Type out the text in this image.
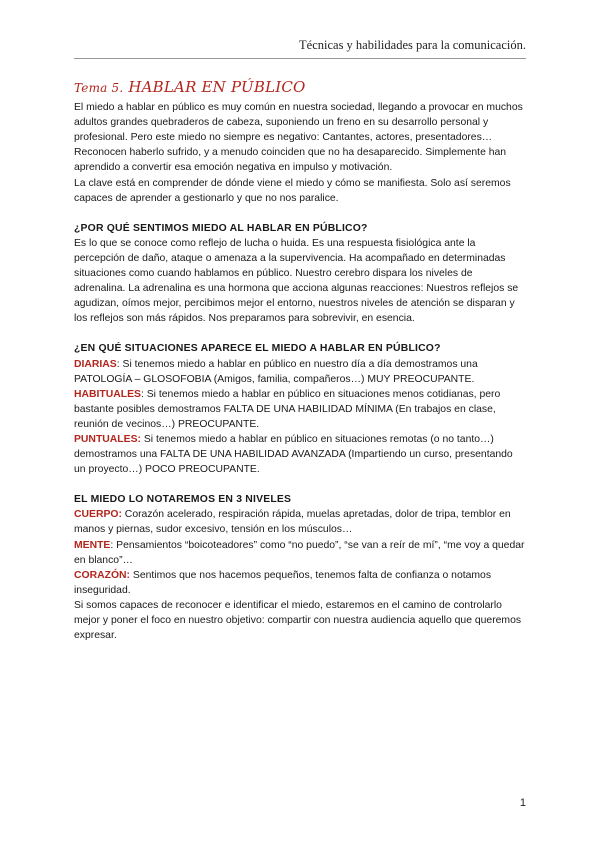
Técnicas y habilidades para la comunicación.
Tema 5. HABLAR EN PÚBLICO

El miedo a hablar en público es muy común en nuestra sociedad, llegando a provocar en muchos adultos grandes quebraderos de cabeza, suponiendo un freno en su desarrollo personal y profesional. Pero este miedo no siempre es negativo: Cantantes, actores, presentadores… Reconocen haberlo sufrido, y a menudo coinciden que no ha desaparecido. Simplemente han aprendido a convertir esa emoción negativa en impulso y motivación.

La clave está en comprender de dónde viene el miedo y cómo se manifiesta. Solo así seremos capaces de aprender a gestionarlo y que no nos paralice.

¿POR QUÉ SENTIMOS MIEDO AL HABLAR EN PÚBLICO?

Es lo que se conoce como reflejo de lucha o huida. Es una respuesta fisiológica ante la percepción de daño, ataque o amenaza a la supervivencia. Ha acompañado en determinadas situaciones como cuando hablamos en público. Nuestro cerebro dispara los niveles de adrenalina. La adrenalina es una hormona que acciona algunas reacciones: Nuestros reflejos se agudizan, oímos mejor, percibimos mejor el entorno, nuestros niveles de atención se disparan y los reflejos son más rápidos. Nos preparamos para sobrevivir, en esencia.

¿EN QUÉ SITUACIONES APARECE EL MIEDO A HABLAR EN PÚBLICO?

DIARIAS: Si tenemos miedo a hablar en público en nuestro día a día demostramos una PATOLOGÍA – GLOSOFOBIA (Amigos, familia, compañeros…) MUY PREOCUPANTE.

HABITUALES: Si tenemos miedo a hablar en público en situaciones menos cotidianas, pero bastante posibles demostramos FALTA DE UNA HABILIDAD MÍNIMA (En trabajos en clase, reunión de vecinos…) PREOCUPANTE.

PUNTUALES: Si tenemos miedo a hablar en público en situaciones remotas (o no tanto…) demostramos una FALTA DE UNA HABILIDAD AVANZADA (Impartiendo un curso, presentando un proyecto…) POCO PREOCUPANTE.

EL MIEDO LO NOTAREMOS EN 3 NIVELES

CUERPO: Corazón acelerado, respiración rápida, muelas apretadas, dolor de tripa, temblor en manos y piernas, sudor excesivo, tensión en los músculos…

MENTE: Pensamientos “boicoteadores” como “no puedo”, “se van a reír de mí”, “me voy a quedar en blanco”…

CORAZÓN: Sentimos que nos hacemos pequeños, tenemos falta de confianza o notamos inseguridad.

Si somos capaces de reconocer e identificar el miedo, estaremos en el camino de controlarlo mejor y poner el foco en nuestro objetivo: compartir con nuestra audiencia aquello que queremos expresar.

1
